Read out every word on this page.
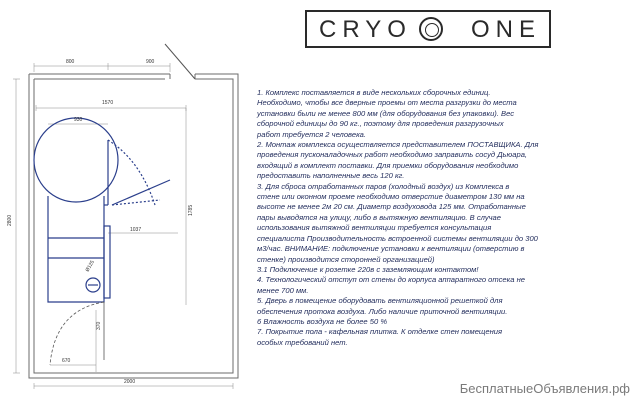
CRYO ONE
800	900
1570
930
1037
1785
2800
Ø125
370
670
2000
1. Комплекс поставляется в виде нескольких сборочных единиц.
Необходимо, чтобы все дверные проемы от места разгрузки до места
установки были не менее 800 мм (для оборудования без упаковки). Вес
сборочной единицы до 90 кг., поэтому для проведения разгрузочных
работ требуется 2 человека.
2. Монтаж комплекса осуществляется представителем ПОСТАВЩИКА. Для
проведения пусконаладочных работ необходимо заправить сосуд Дьюара,
входящий в комплект поставки. Для приемки оборудования необходимо
предоставить наполненные весь 120 кг.
3. Для сброса отработанных паров (холодный воздух) из Комплекса в
стене или оконном проеме необходимо отверстие диаметром 130 мм на
высоте не менее 2м 20 см. Диаметр воздуховода 125 мм. Отработанные
пары выводятся на улицу, либо в вытяжную вентиляцию. В случае
использования вытяжной вентиляции требуется консультация
специалиста Производительность встроенной системы вентиляции до 300
м3/час. ВНИМАНИЕ: подключение установки к вентиляции (отверстию в
стенке) производится сторонней организацией)
3.1 Подключение к розетке 220в с заземляющим контактом!
4. Технологический отступ от стены до корпуса аппаратного отсека не
менее 700 мм.
5. Дверь в помещение оборудовать вентиляционной решеткой для
обеспечения протока воздуха. Либо наличие приточной вентиляции.
6 Влажность воздуха не более 50 %
7. Покрытие пола - кафельная плитка. К отделке стен помещения
особых требований нет.
БесплатныеОбъявления.рф
